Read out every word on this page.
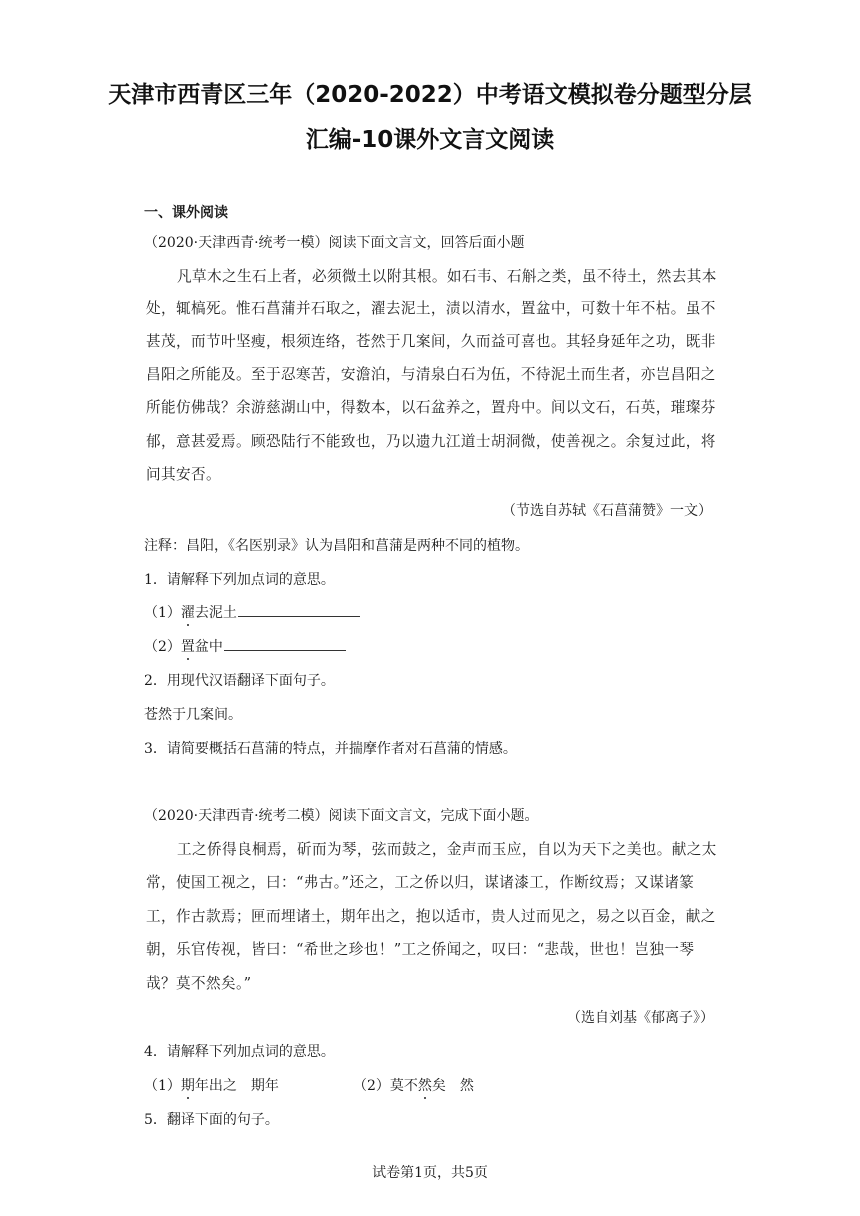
天津市西青区三年（2020-2022）中考语文模拟卷分题型分层
汇编-10课外文言文阅读
一、课外阅读
（2020·天津西青·统考一模）阅读下面文言文，回答后面小题
凡草木之生石上者，必须微土以附其根。如石韦、石斛之类，虽不待土，然去其本
处，辄槁死。惟石菖蒲并石取之，濯去泥土，渍以清水，置盆中，可数十年不枯。虽不
甚茂，而节叶坚瘦，根须连络，苍然于几案间，久而益可喜也。其轻身延年之功，既非
昌阳之所能及。至于忍寒苦，安澹泊，与清泉白石为伍，不待泥土而生者，亦岂昌阳之
所能仿佛哉？余游慈湖山中，得数本，以石盆养之，置舟中。间以文石，石英，璀璨芬
郁，意甚爱焉。顾恐陆行不能致也，乃以遗九江道士胡洞微，使善视之。余复过此，将
问其安否。
（节选自苏轼《石菖蒲赞》一文）
注释：昌阳，《名医别录》认为昌阳和菖蒲是两种不同的植物。
1．请解释下列加点词的意思。
（1）濯去泥土
（2）置盆中
2．用现代汉语翻译下面句子。
苍然于几案间。
3．请简要概括石菖蒲的特点，并揣摩作者对石菖蒲的情感。
（2020·天津西青·统考二模）阅读下面文言文，完成下面小题。
工之侨得良桐焉，斫而为琴，弦而鼓之，金声而玉应，自以为天下之美也。献之太
常，使国工视之，曰：“弗古。”还之，工之侨以归，谋诸漆工，作断纹焉；又谋诸篆
工，作古款焉；匣而埋诸土，期年出之，抱以适市，贵人过而见之，易之以百金，献之
朝，乐官传视，皆曰：“希世之珍也！”工之侨闻之，叹曰：“悲哉，世也！岂独一琴
哉？莫不然矣。”
（选自刘基《郁离子》）
4．请解释下列加点词的意思。
（1）期年出之　期年	（2）莫不然矣　然
5．翻译下面的句子。
试卷第1页，共5页
